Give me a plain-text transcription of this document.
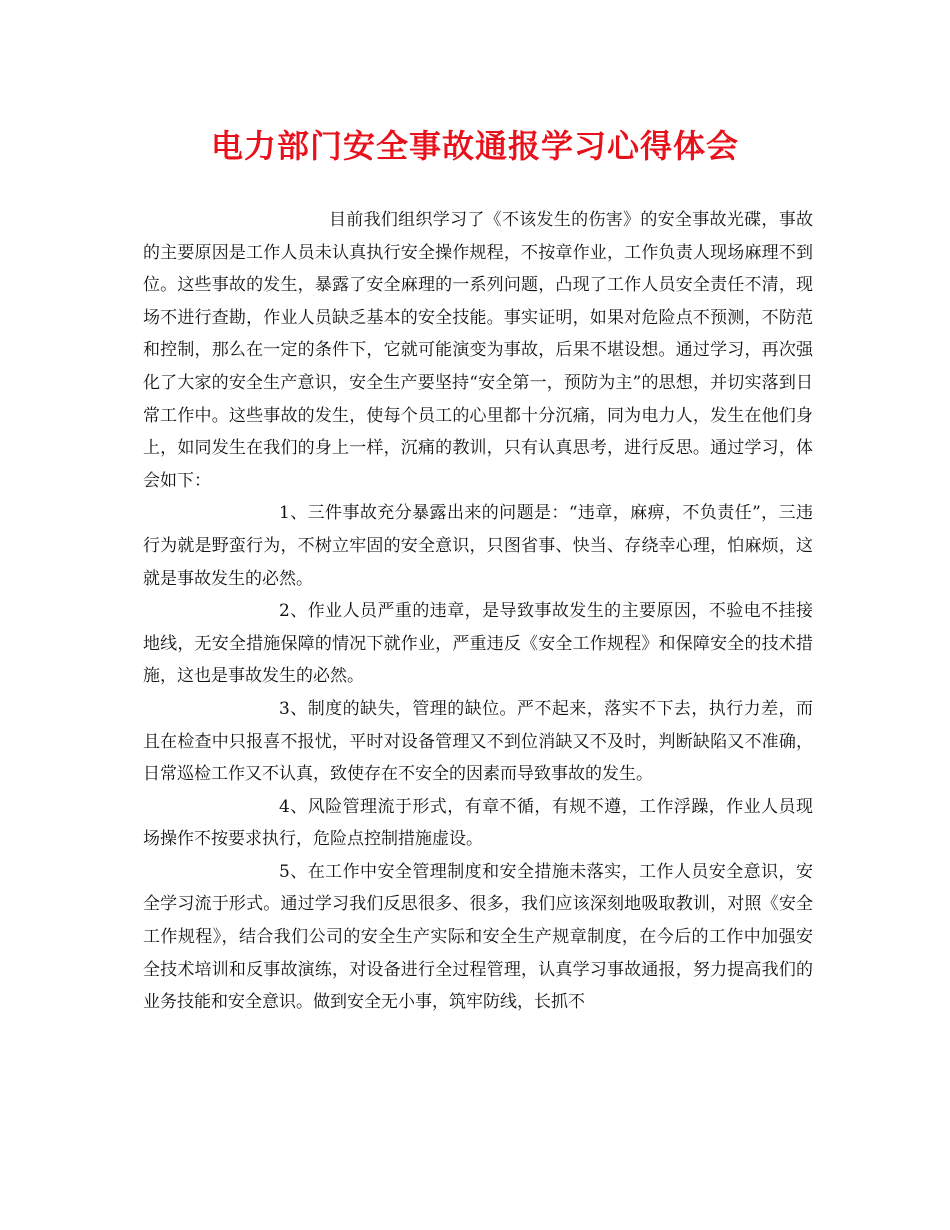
电力部门安全事故通报学习心得体会

目前我们组织学习了《不该发生的伤害》的安全事故光碟，事故的主要原因是工作人员未认真执行安全操作规程，不按章作业，工作负责人现场麻理不到位。这些事故的发生，暴露了安全麻理的一系列问题，凸现了工作人员安全责任不清，现场不进行查勘，作业人员缺乏基本的安全技能。事实证明，如果对危险点不预测，不防范和控制，那么在一定的条件下，它就可能演变为事故，后果不堪设想。通过学习，再次强化了大家的安全生产意识，安全生产要坚持“安全第一，预防为主”的思想，并切实落到日常工作中。这些事故的发生，使每个员工的心里都十分沉痛，同为电力人，发生在他们身上，如同发生在我们的身上一样，沉痛的教训，只有认真思考，进行反思。通过学习，体会如下：

1、三件事故充分暴露出来的问题是：“违章，麻痹，不负责任”，三违行为就是野蛮行为，不树立牢固的安全意识，只图省事、快当、存绕幸心理，怕麻烦，这就是事故发生的必然。

2、作业人员严重的违章，是导致事故发生的主要原因，不验电不挂接地线，无安全措施保障的情况下就作业，严重违反《安全工作规程》和保障安全的技术措施，这也是事故发生的必然。

3、制度的缺失，管理的缺位。严不起来，落实不下去，执行力差，而且在检查中只报喜不报忧，平时对设备管理又不到位消缺又不及时，判断缺陷又不准确，日常巡检工作又不认真，致使存在不安全的因素而导致事故的发生。

4、风险管理流于形式，有章不循，有规不遵，工作浮躁，作业人员现场操作不按要求执行，危险点控制措施虚设。

5、在工作中安全管理制度和安全措施未落实，工作人员安全意识，安全学习流于形式。通过学习我们反思很多、很多，我们应该深刻地吸取教训，对照《安全工作规程》，结合我们公司的安全生产实际和安全生产规章制度，在今后的工作中加强安全技术培训和反事故演练，对设备进行全过程管理，认真学习事故通报，努力提高我们的业务技能和安全意识。做到安全无小事，筑牢防线，长抓不
